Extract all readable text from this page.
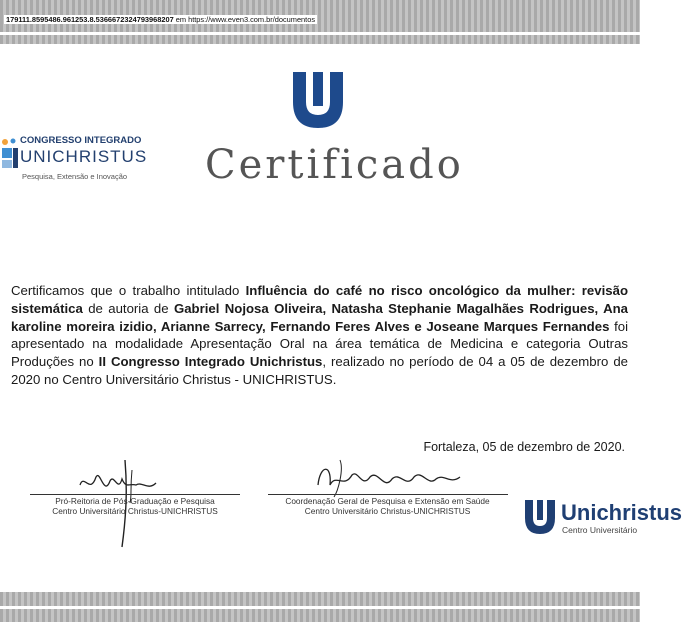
179111.8595486.961253.8.5366672324793968207 em https://www.even3.com.br/documentos
Certificado
CONGRESSO INTEGRADO
UNICHRISTUS
Pesquisa, Extensão e Inovação
Certificamos que o trabalho intitulado Influência do café no risco oncológico da mulher: revisão sistemática de autoria de Gabriel Nojosa Oliveira, Natasha Stephanie Magalhães Rodrigues, Ana karoline moreira izidio, Arianne Sarrecy, Fernando Feres Alves e Joseane Marques Fernandes foi apresentado na modalidade Apresentação Oral na área temática de Medicina e categoria Outras Produções no II Congresso Integrado Unichristus, realizado no período de 04 a 05 de dezembro de 2020 no Centro Universitário Christus - UNICHRISTUS.
Fortaleza, 05 de dezembro de 2020.
Pró-Reitoria de Pós-Graduação e Pesquisa
Centro Universitário Christus-UNICHRISTUS
Coordenação Geral de Pesquisa e Extensão em Saúde
Centro Universitário Christus-UNICHRISTUS	Unichristus
Centro Universitário
